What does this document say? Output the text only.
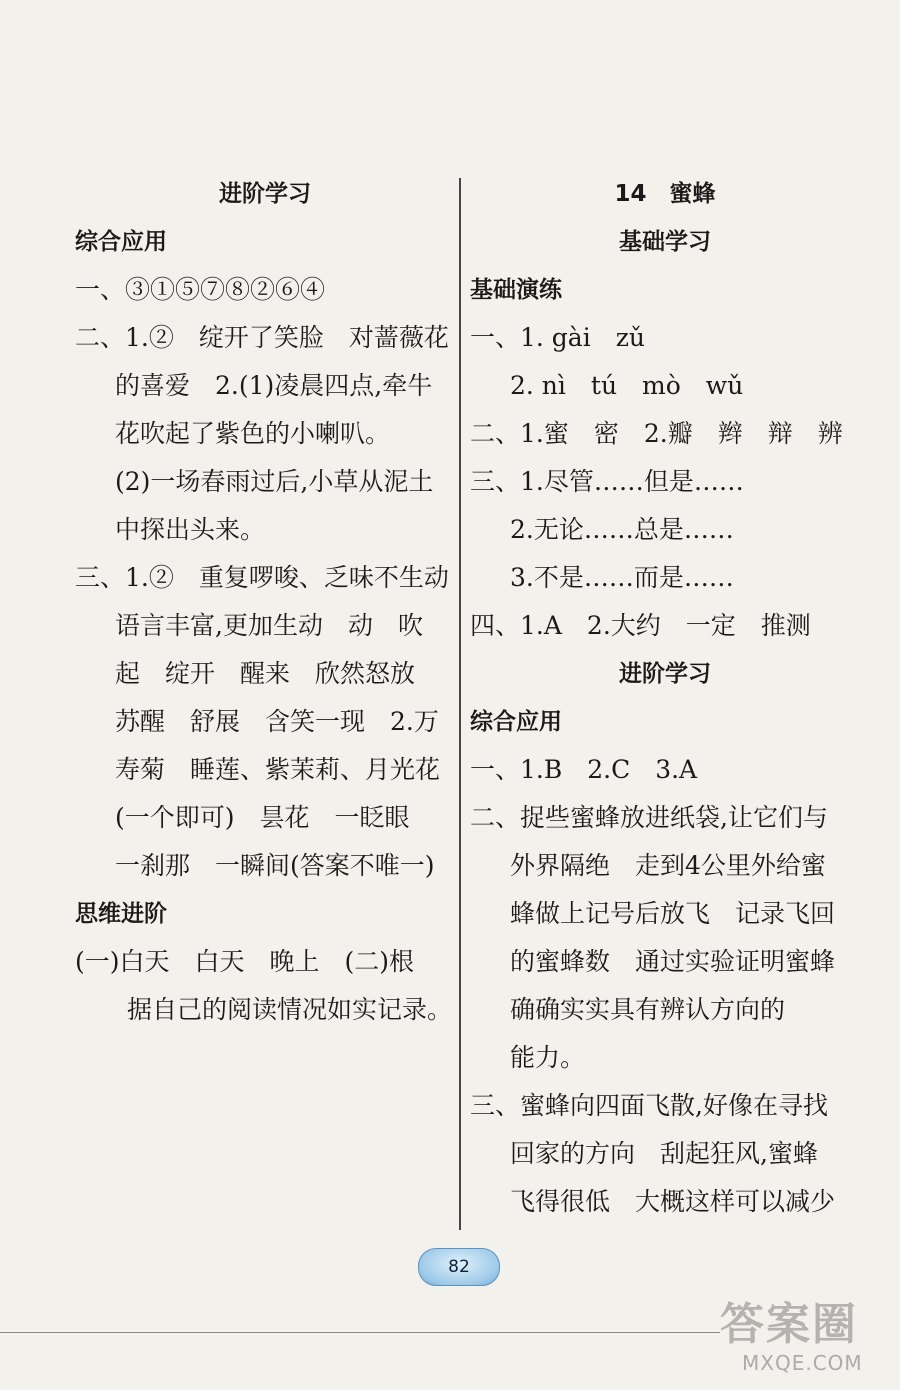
进阶学习
综合应用
一、③①⑤⑦⑧②⑥④
二、1.②　绽开了笑脸　对蔷薇花
的喜爱　2.(1)凌晨四点,牵牛
花吹起了紫色的小喇叭。
(2)一场春雨过后,小草从泥土
中探出头来。
三、1.②　重复啰唆、乏味不生动
语言丰富,更加生动　动　吹
起　绽开　醒来　欣然怒放
苏醒　舒展　含笑一现　2.万
寿菊　睡莲、紫茉莉、月光花
(一个即可)　昙花　一眨眼
一刹那　一瞬间(答案不唯一)
思维进阶
(一)白天　白天　晚上　(二)根
据自己的阅读情况如实记录。
14　蜜蜂
基础学习
基础演练
一、1. gài　zǔ
2. nì　tú　mò　wǔ
二、1.蜜　密　2.瓣　辫　辩　辨
三、1.尽管……但是……
2.无论……总是……
3.不是……而是……
四、1.A　2.大约　一定　推测
进阶学习
综合应用
一、1.B　2.C　3.A
二、捉些蜜蜂放进纸袋,让它们与
外界隔绝　走到4公里外给蜜
蜂做上记号后放飞　记录飞回
的蜜蜂数　通过实验证明蜜蜂
确确实实具有辨认方向的
能力。
三、蜜蜂向四面飞散,好像在寻找
回家的方向　刮起狂风,蜜蜂
飞得很低　大概这样可以减少
82
答案圈
MXQE.COM
